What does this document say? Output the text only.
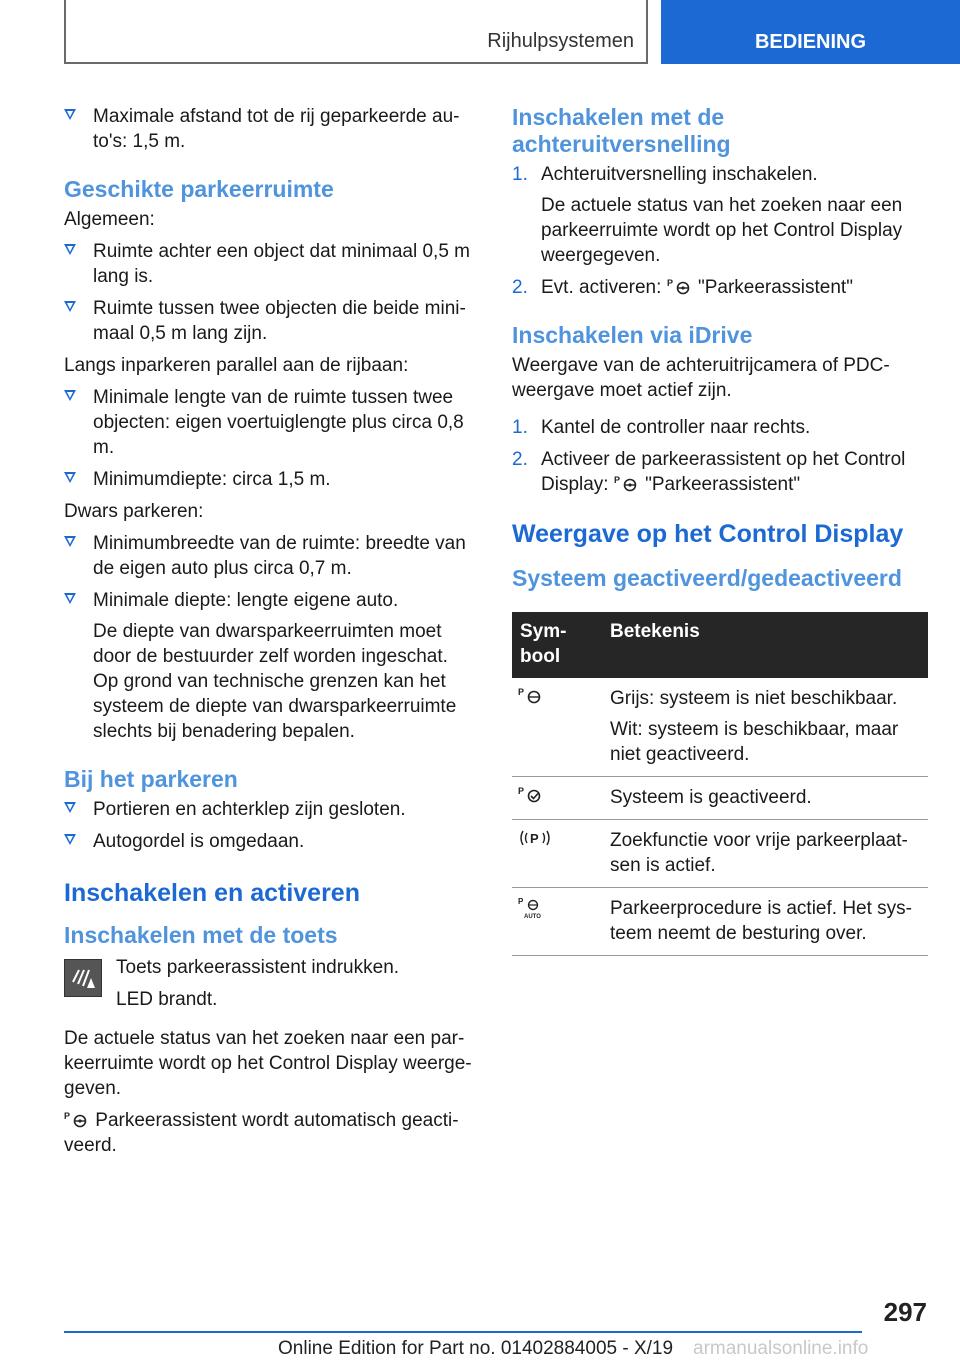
Rijhulpsystemen	BEDIENING
Maximale afstand tot de rij geparkeerde au‐to's: 1,5 m.
Geschikte parkeerruimte

Algemeen:

Ruimte achter een object dat minimaal 0,5 m lang is.
Ruimte tussen twee objecten die beide mini‐maal 0,5 m lang zijn.

Langs inparkeren parallel aan de rijbaan:

Minimale lengte van de ruimte tussen twee objecten: eigen voertuiglengte plus circa 0,8 m.
Minimumdiepte: circa 1,5 m.

Dwars parkeren:

Minimumbreedte van de ruimte: breedte van de eigen auto plus circa 0,7 m.
Minimale diepte: lengte eigene auto.
De diepte van dwarsparkeerruimten moet door de bestuurder zelf worden ingeschat. Op grond van technische grenzen kan het systeem de diepte van dwarsparkeerruimte slechts bij benadering bepalen.
Bij het parkeren
Portieren en achterklep zijn gesloten.
Autogordel is omgedaan.
Inschakelen en activeren
Inschakelen met de toets
Toets parkeerassistent indrukken.
LED brandt.

De actuele status van het zoeken naar een par‐keerruimte wordt op het Control Display weerge‐geven.

Parkeerassistent wordt automatisch geacti‐veerd.

Inschakelen met de achteruitversnelling
1. Achteruitversnelling inschakelen.
De actuele status van het zoeken naar een parkeerruimte wordt op het Control Display weergegeven.
2. Evt. activeren: "Parkeerassistent"
Inschakelen via iDrive

Weergave van de achteruitrijcamera of PDC-weergave moet actief zijn.

1. Kantel de controller naar rechts.
2. Activeer de parkeerassistent op het Control Display: "Parkeerassistent"
Weergave op het Control Display
Systeem geactiveerd/gedeactiveerd
Sym‐bool	Betekenis

P	Grijs: systeem is niet beschikbaar.

Wit: systeem is beschikbaar, maar niet geactiveerd.

P	Systeem is geactiveerd.

P	Zoekfunctie voor vrije parkeerplaat‐sen is actief.

P
AUTO	Parkeerprocedure is actief. Het sys‐teem neemt de besturing over.
297
Online Edition for Part no. 01402884005 - X/19 armanualsonline.info
